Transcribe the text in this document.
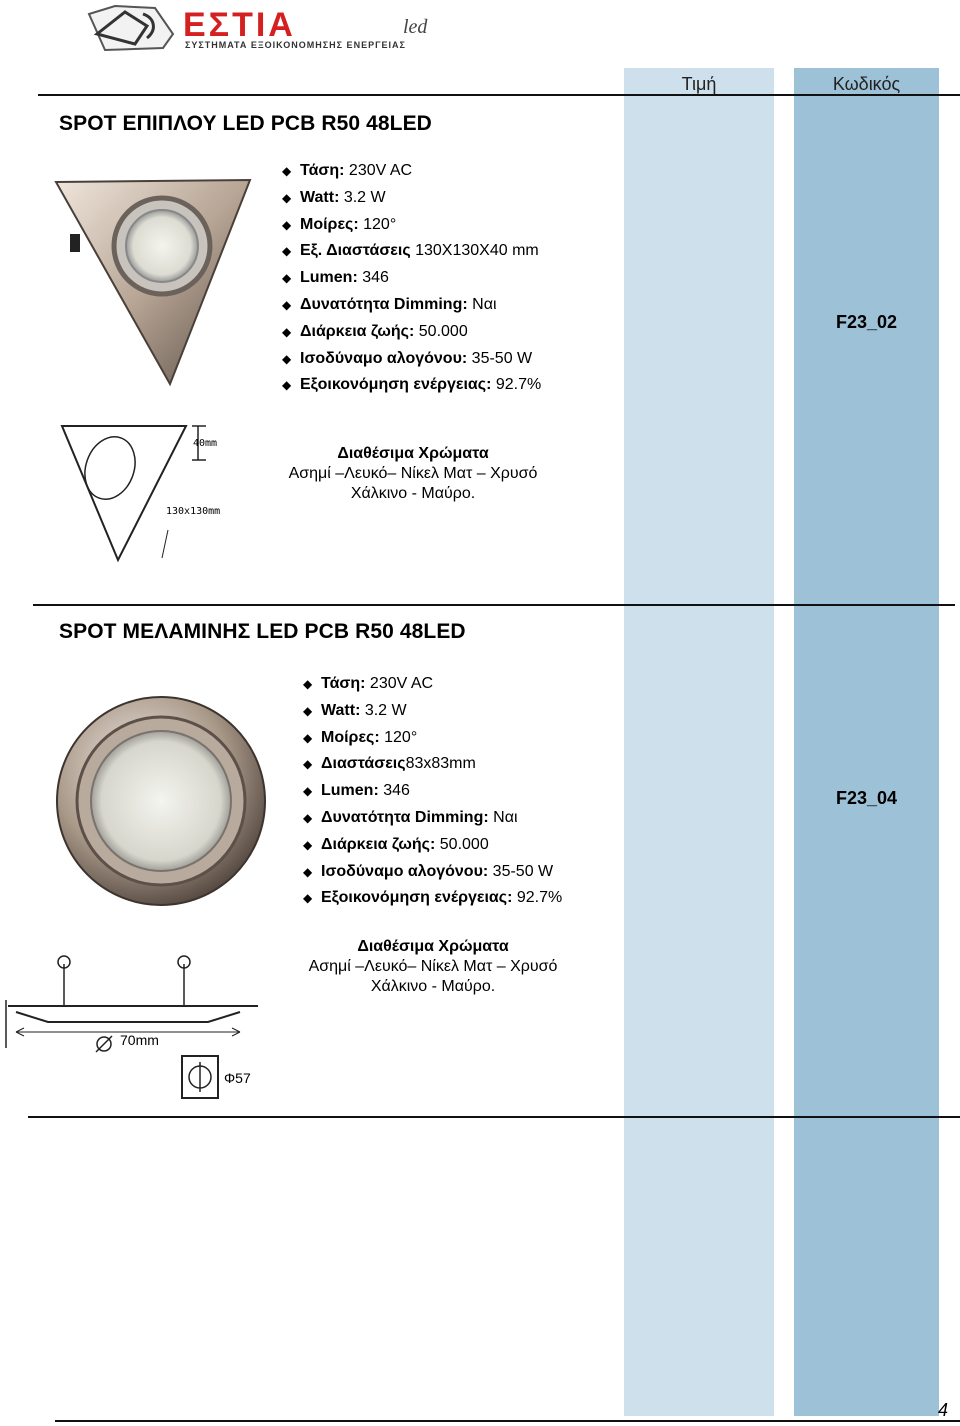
ΕΣΤΙΑ	led
ΣΥΣΤΗΜΑΤΑ ΕΞΟΙΚΟΝΟΜΗΣΗΣ ΕΝΕΡΓΕΙΑΣ
Τιμή	Κωδικός
SPOT ΕΠΙΠΛΟΥ LED PCB R50 48LED
◆ Τάση: 230V AC
◆ Watt: 3.2 W
◆ Μοίρες: 120°
◆ Εξ. Διαστάσεις 130X130X40 mm
◆ Lumen: 346
◆ Δυνατότητα Dimming: Ναι
◆ Διάρκεια ζωής: 50.000
◆ Ισοδύναμο αλογόνου: 35-50 W
◆ Εξοικονόμηση ενέργειας: 92.7%
40mm
130x130mm
Διαθέσιμα Χρώματα
Ασημί –Λευκό– Νίκελ Ματ – Χρυσό
Χάλκινο - Μαύρο.
F23_02
SPOT ΜΕΛΑΜΙΝΗΣ LED PCB R50 48LED
◆ Τάση: 230V AC
◆ Watt: 3.2 W
◆ Μοίρες: 120°
◆ Διαστάσεις83x83mm
◆ Lumen: 346
◆ Δυνατότητα Dimming: Ναι
◆ Διάρκεια ζωής: 50.000
◆ Ισοδύναμο αλογόνου: 35-50 W
◆ Εξοικονόμηση ενέργειας: 92.7%
70mm
Φ57
Διαθέσιμα Χρώματα
Ασημί –Λευκό– Νίκελ Ματ – Χρυσό
Χάλκινο - Μαύρο.
F23_04
4
